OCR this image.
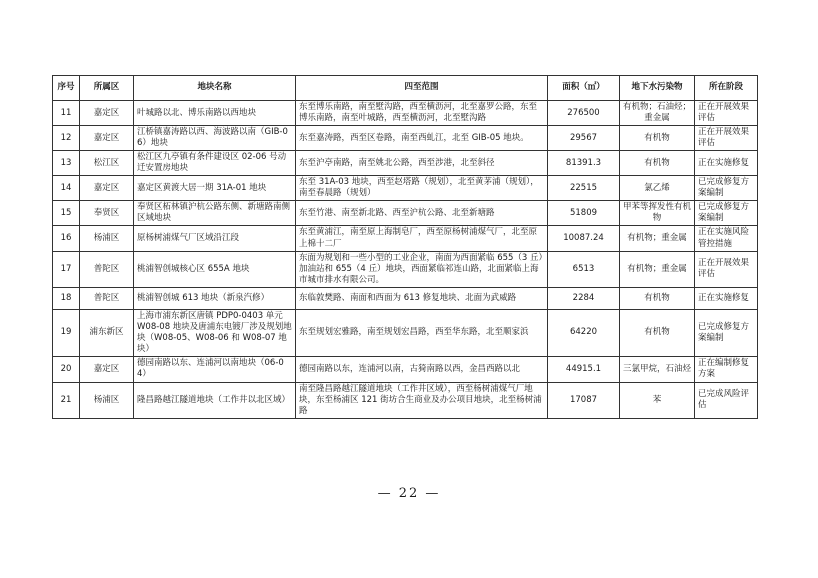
序号	所属区	地块名称	四至范围	面积（㎡）	地下水污染物	所在阶段
11	嘉定区	叶城路以北、博乐南路以西地块	东至博乐南路，南至墅沟路，西至横沥河，北至嘉罗公路，东至博乐南路，南至叶城路，西至横沥河，北至墅沟路	276500	有机物；石油烃；重金属	正在开展效果评估
12	嘉定区	江桥镇嘉涛路以西、海波路以南（GIB-06）地块	东至嘉涛路，西至区卷路，南至西虬江，北至 GIB-05 地块。	29567	有机物	正在开展效果评估
13	松江区	松江区九亭镇有条件建设区 02-06 号动迁安置房地块	东至沪亭南路，南至姚北公路，西至涉港，北至斜径	81391.3	有机物	正在实施修复
14	嘉定区	嘉定区黄渡大居一期 31A-01 地块	东至 31A-03 地块，西至赵塔路（规划），北至黄茅浦（规划），南至春晨路（规划）	22515	氯乙烯	已完成修复方案编制
15	奉贤区	奉贤区柘林镇沪杭公路东侧、新塘路南侧区域地块	东至竹港、南至新北路、西至沪杭公路、北至新塘路	51809	甲苯等挥发性有机物	已完成修复方案编制
16	杨浦区	原杨树浦煤气厂区域沿江段	东至黄浦江，南至原上海制皂厂，西至原杨树浦煤气厂，北至原上棉十二厂	10087.24	有机物；重金属	正在实施风险管控措施
17	普陀区	桃浦智创城核心区 655A 地块	东面为规划和一些小型的工业企业，南面为西面紧临 655（3 丘）加油站和 655（4 丘）地块，西面紧临祁连山路，北面紧临上海市城市排水有限公司。	6513	有机物；重金属	正在开展效果评估
18	普陀区	桃浦智创城 613 地块（新泉汽修）	东临敦樊路、南面和西面为 613 修复地块、北面为武威路	2284	有机物	正在实施修复
19	浦东新区	上海市浦东新区唐镇 PDP0-0403 单元 W08-08 地块及唐浦东电镀厂涉及规划地块（W08-05、W08-06 和 W08-07 地块）	东至规划宏雅路，南至规划宏昌路，西至华东路，北至顺家浜	64220	有机物	已完成修复方案编制
20	嘉定区	德园南路以东、连浦河以南地块（06-04）	德园南路以东，连浦河以南，古猗南路以西，金昌西路以北	44915.1	三氯甲烷，石油烃	正在编制修复方案
21	杨浦区	隆昌路越江隧道地块（工作井以北区域）	南至隆昌路越江隧道地块（工作井区域），西至杨树浦煤气厂地块，东至杨浦区 121 街坊合生商业及办公项目地块，北至杨树浦路	17087	苯	已完成风险评估
— 22 —
